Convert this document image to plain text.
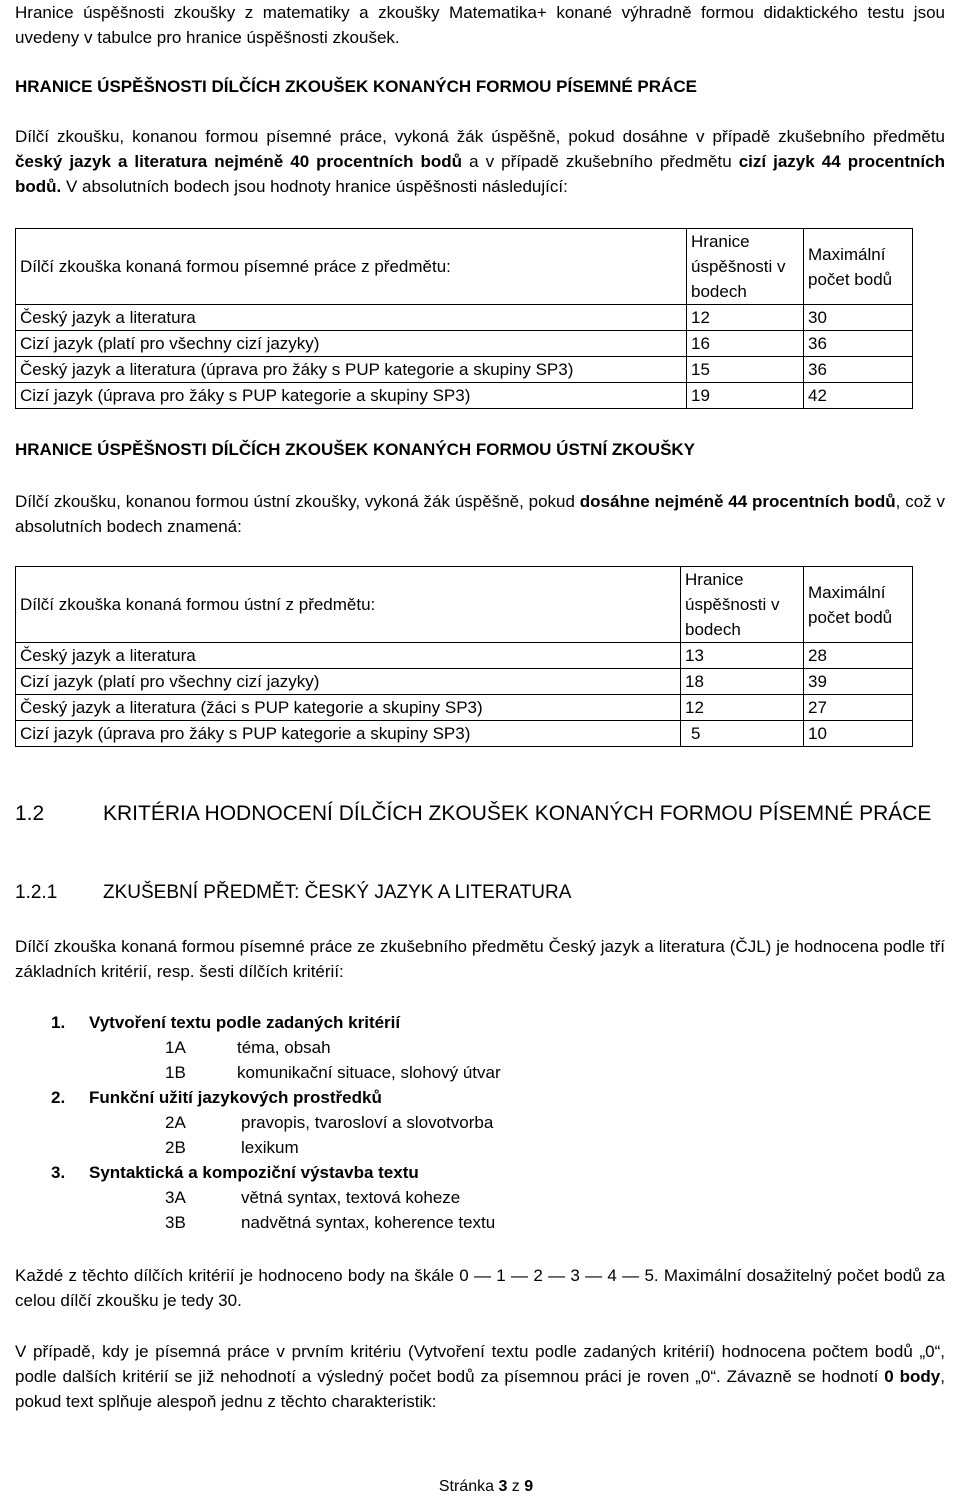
Hranice úspěšnosti zkoušky z matematiky a zkoušky Matematika+ konané výhradně formou didaktického testu jsou uvedeny v tabulce pro hranice úspěšnosti zkoušek.

HRANICE ÚSPĚŠNOSTI DÍLČÍCH ZKOUŠEK KONANÝCH FORMOU PÍSEMNÉ PRÁCE

Dílčí zkoušku, konanou formou písemné práce, vykoná žák úspěšně, pokud dosáhne v případě zkušebního předmětu český jazyk a literatura nejméně 40 procentních bodů a v případě zkušebního předmětu cizí jazyk 44 procentních bodů. V absolutních bodech jsou hodnoty hranice úspěšnosti následující:

Dílčí zkouška konaná formou písemné práce z předmětu:	Hranice úspěšnosti v bodech	Maximální počet bodů
Český jazyk a literatura	12	30
Cizí jazyk (platí pro všechny cizí jazyky)	16	36
Český jazyk a literatura (úprava pro žáky s PUP kategorie a skupiny SP3)	15	36
Cizí jazyk (úprava pro žáky s PUP kategorie a skupiny SP3)	19	42

HRANICE ÚSPĚŠNOSTI DÍLČÍCH ZKOUŠEK KONANÝCH FORMOU ÚSTNÍ ZKOUŠKY

Dílčí zkoušku, konanou formou ústní zkoušky, vykoná žák úspěšně, pokud dosáhne nejméně 44 procentních bodů, což v absolutních bodech znamená:

Dílčí zkouška konaná formou ústní z předmětu:	Hranice úspěšnosti v bodech	Maximální počet bodů
Český jazyk a literatura	13	28
Cizí jazyk (platí pro všechny cizí jazyky)	18	39
Český jazyk a literatura (žáci s PUP kategorie a skupiny SP3)	12	27
Cizí jazyk (úprava pro žáky s PUP kategorie a skupiny SP3)	5	10

1.2	KRITÉRIA HODNOCENÍ DÍLČÍCH ZKOUŠEK KONANÝCH FORMOU PÍSEMNÉ PRÁCE

1.2.1 ZKUŠEBNÍ PŘEDMĚT: ČESKÝ JAZYK A LITERATURA

Dílčí zkouška konaná formou písemné práce ze zkušebního předmětu Český jazyk a literatura (ČJL) je hodnocena podle tří základních kritérií, resp. šesti dílčích kritérií:

1. Vytvoření textu podle zadaných kritérií
1A	téma, obsah
1B	komunikační situace, slohový útvar
2. Funkční užití jazykových prostředků
2A	pravopis, tvarosloví a slovotvorba
2B	lexikum
3. Syntaktická a kompoziční výstavba textu
3A	větná syntax, textová koheze
3B	nadvětná syntax, koherence textu

Každé z těchto dílčích kritérií je hodnoceno body na škále 0 — 1 — 2 — 3 — 4 — 5. Maximální dosažitelný počet bodů za celou dílčí zkoušku je tedy 30.

V případě, kdy je písemná práce v prvním kritériu (Vytvoření textu podle zadaných kritérií) hodnocena počtem bodů „0“, podle dalších kritérií se již nehodnotí a výsledný počet bodů za písemnou práci je roven „0“. Závazně se hodnotí 0 body, pokud text splňuje alespoň jednu z těchto charakteristik:

Stránka 3 z 9
